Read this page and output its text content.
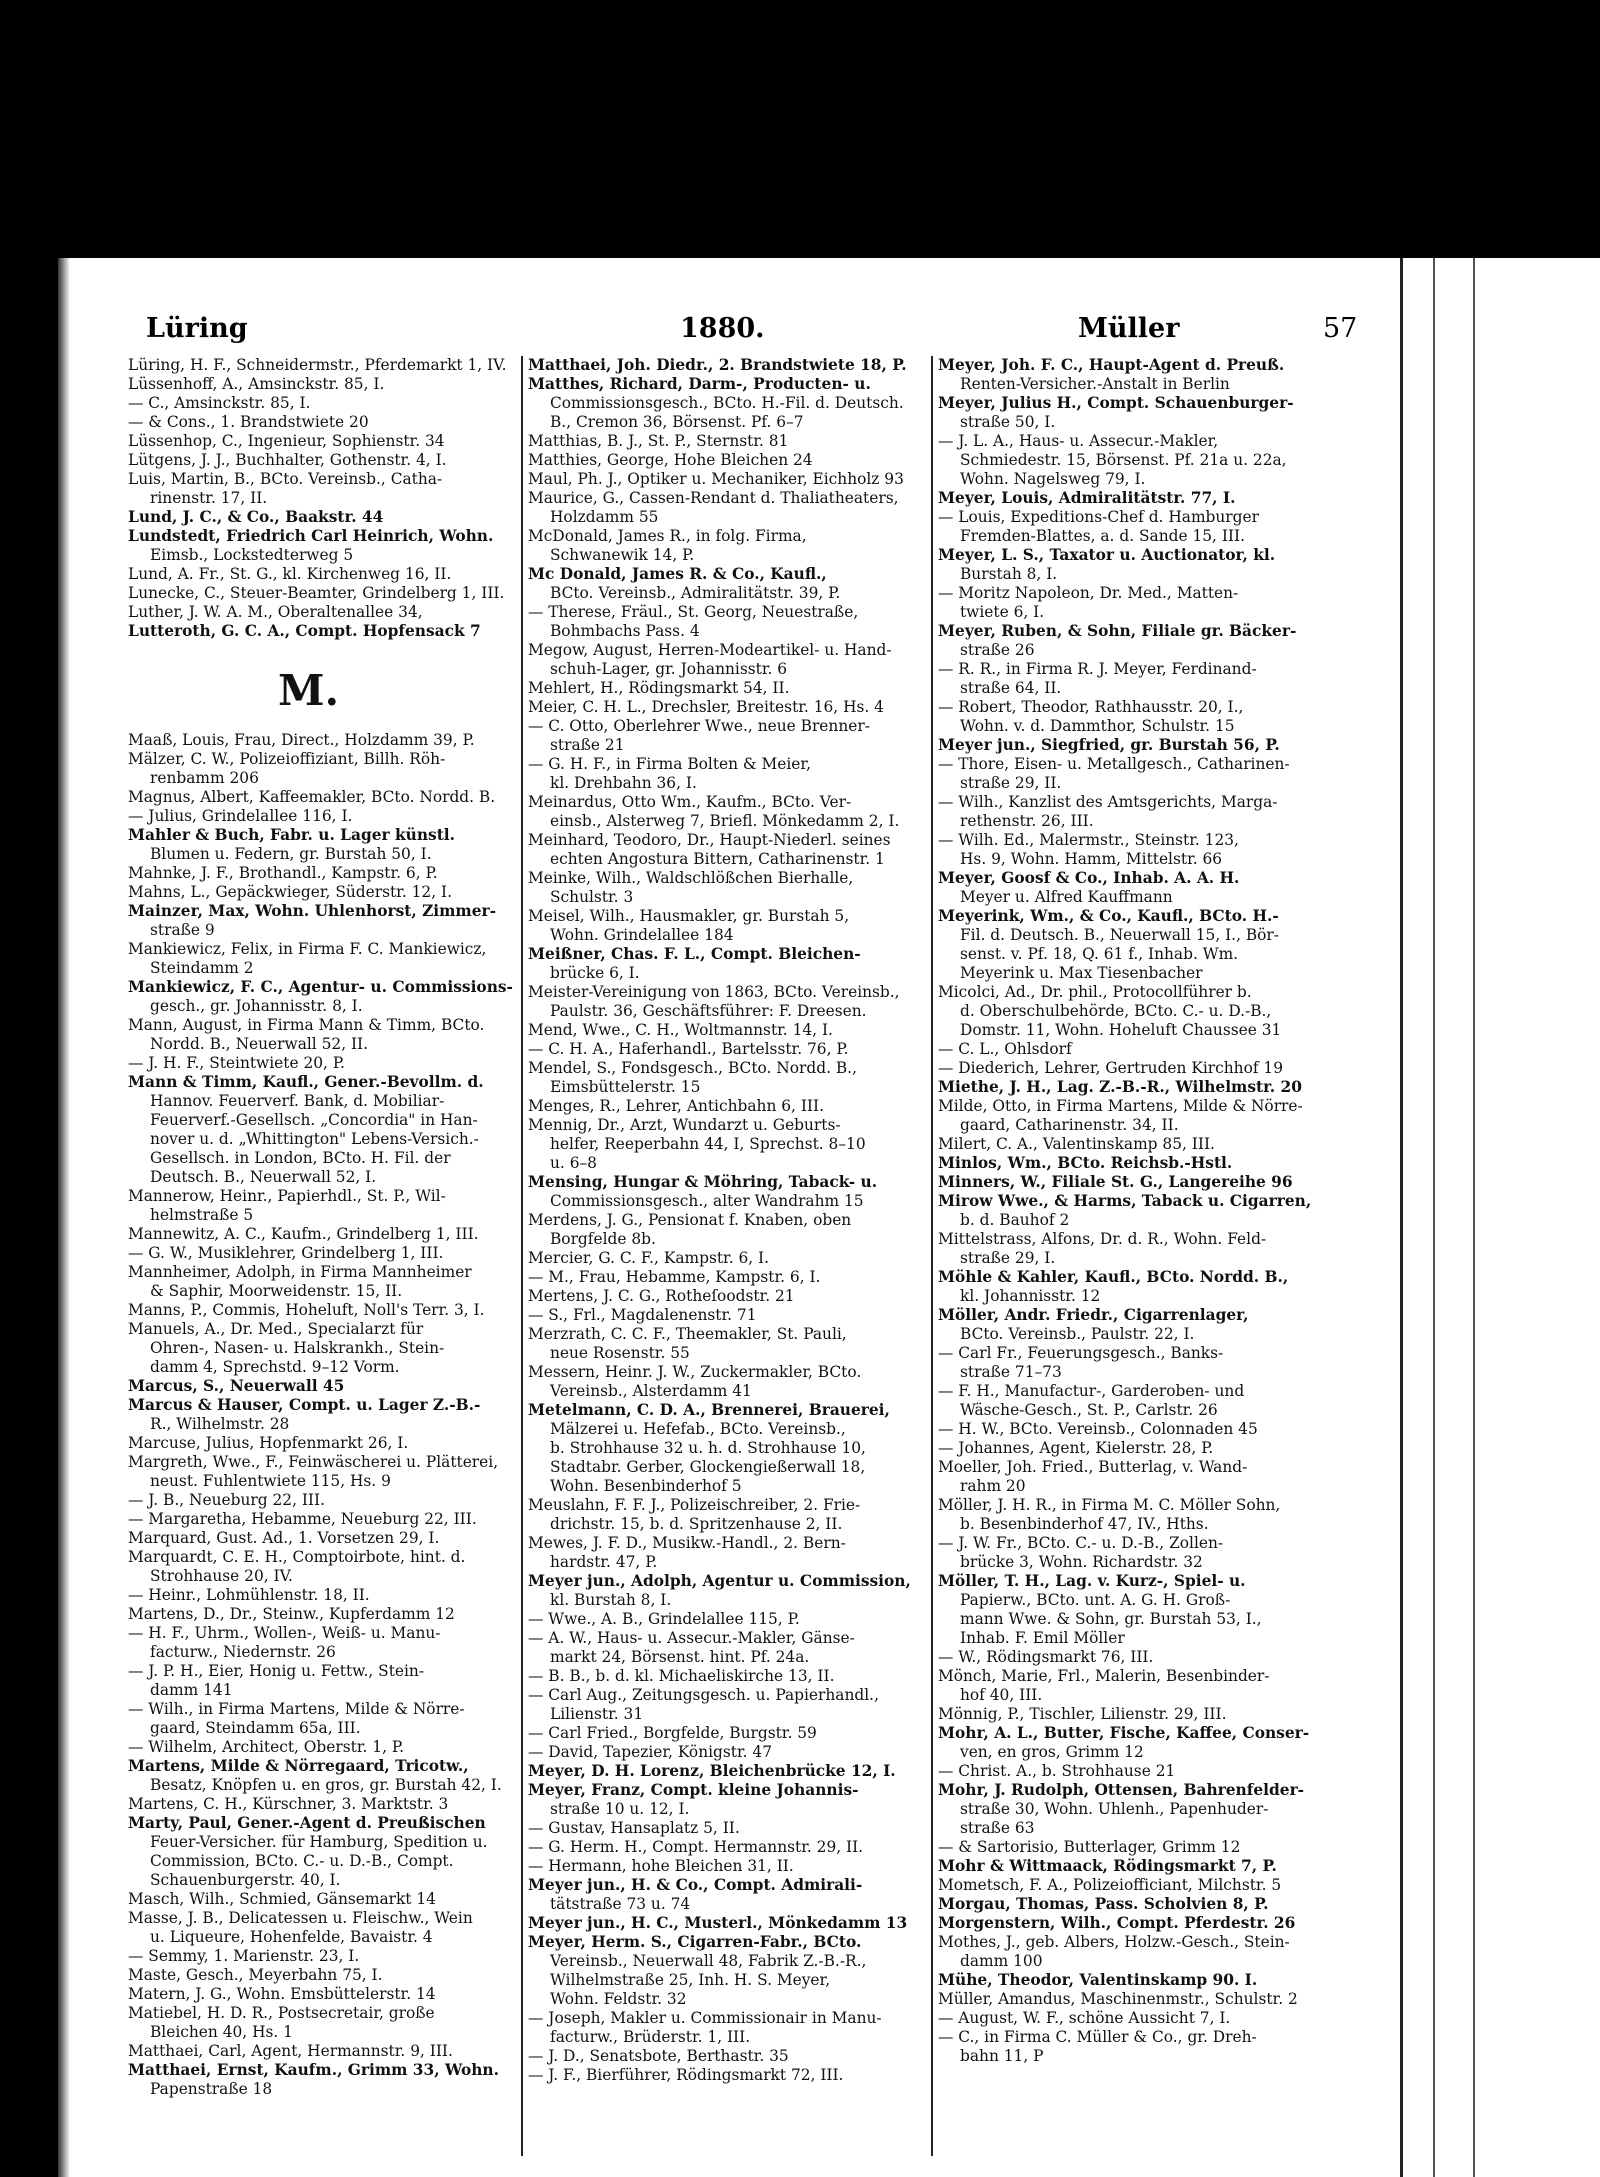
Lüring	1880.	Müller	57
Lüring, H. F., Schneidermstr., Pferdemarkt 1, IV.
Lüssenhoff, A., Amsinckstr. 85, I.
— C., Amsinckstr. 85, I.
— & Cons., 1. Brandstwiete 20
Lüssenhop, C., Ingenieur, Sophienstr. 34
Lütgens, J. J., Buchhalter, Gothenstr. 4, I.
Luis, Martin, B., BCto. Vereinsb., Catha-
rinenstr. 17, II.
Lund, J. C., & Co., Baakstr. 44
Lundstedt, Friedrich Carl Heinrich, Wohn.
Eimsb., Lockstedterweg 5
Lund, A. Fr., St. G., kl. Kirchenweg 16, II.
Lunecke, C., Steuer-Beamter, Grindelberg 1, III.
Luther, J. W. A. M., Oberaltenallee 34,
Lutteroth, G. C. A., Compt. Hopfensack 7
M.
Maaß, Louis, Frau, Direct., Holzdamm 39, P.
Mälzer, C. W., Polizeioffiziant, Billh. Röh-
renbamm 206
Magnus, Albert, Kaffeemakler, BCto. Nordd. B.
— Julius, Grindelallee 116, I.
Mahler & Buch, Fabr. u. Lager künstl.
Blumen u. Federn, gr. Burstah 50, I.
Mahnke, J. F., Brothandl., Kampstr. 6, P.
Mahns, L., Gepäckwieger, Süderstr. 12, I.
Mainzer, Max, Wohn. Uhlenhorst, Zimmer-
straße 9
Mankiewicz, Felix, in Firma F. C. Mankiewicz,
Steindamm 2
Mankiewicz, F. C., Agentur- u. Commissions-
gesch., gr. Johannisstr. 8, I.
Mann, August, in Firma Mann & Timm, BCto.
Nordd. B., Neuerwall 52, II.
— J. H. F., Steintwiete 20, P.
Mann & Timm, Kaufl., Gener.-Bevollm. d.
Hannov. Feuerverf. Bank, d. Mobiliar-
Feuerverf.-Gesellsch. „Concordia" in Han-
nover u. d. „Whittington" Lebens-Versich.-
Gesellsch. in London, BCto. H. Fil. der
Deutsch. B., Neuerwall 52, I.
Mannerow, Heinr., Papierhdl., St. P., Wil-
helmstraße 5
Mannewitz, A. C., Kaufm., Grindelberg 1, III.
— G. W., Musiklehrer, Grindelberg 1, III.
Mannheimer, Adolph, in Firma Mannheimer
& Saphir, Moorweidenstr. 15, II.
Manns, P., Commis, Hoheluft, Noll's Terr. 3, I.
Manuels, A., Dr. Med., Specialarzt für
Ohren-, Nasen- u. Halskrankh., Stein-
damm 4, Sprechstd. 9–12 Vorm.
Marcus, S., Neuerwall 45
Marcus & Hauser, Compt. u. Lager Z.-B.-
R., Wilhelmstr. 28
Marcuse, Julius, Hopfenmarkt 26, I.
Margreth, Wwe., F., Feinwäscherei u. Plätterei,
neust. Fuhlentwiete 115, Hs. 9
— J. B., Neueburg 22, III.
— Margaretha, Hebamme, Neueburg 22, III.
Marquard, Gust. Ad., 1. Vorsetzen 29, I.
Marquardt, C. E. H., Comptoirbote, hint. d.
Strohhause 20, IV.
— Heinr., Lohmühlenstr. 18, II.
Martens, D., Dr., Steinw., Kupferdamm 12
— H. F., Uhrm., Wollen-, Weiß- u. Manu-
facturw., Niedernstr. 26
— J. P. H., Eier, Honig u. Fettw., Stein-
damm 141
— Wilh., in Firma Martens, Milde & Nörre-
gaard, Steindamm 65a, III.
— Wilhelm, Architect, Oberstr. 1, P.
Martens, Milde & Nörregaard, Tricotw.,
Besatz, Knöpfen u. en gros, gr. Burstah 42, I.
Martens, C. H., Kürschner, 3. Marktstr. 3
Marty, Paul, Gener.-Agent d. Preußischen
Feuer-Versicher. für Hamburg, Spedition u.
Commission, BCto. C.- u. D.-B., Compt.
Schauenburgerstr. 40, I.
Masch, Wilh., Schmied, Gänsemarkt 14
Masse, J. B., Delicatessen u. Fleischw., Wein
u. Liqueure, Hohenfelde, Bavaistr. 4
— Semmy, 1. Marienstr. 23, I.
Maste, Gesch., Meyerbahn 75, I.
Matern, J. G., Wohn. Emsbüttelerstr. 14
Matiebel, H. D. R., Postsecretair, große
Bleichen 40, Hs. 1
Matthaei, Carl, Agent, Hermannstr. 9, III.
Matthaei, Ernst, Kaufm., Grimm 33, Wohn.
Papenstraße 18
Matthaei, Joh. Diedr., 2. Brandstwiete 18, P.
Matthes, Richard, Darm-, Producten- u.
Commissionsgesch., BCto. H.-Fil. d. Deutsch.
B., Cremon 36, Börsenst. Pf. 6–7
Matthias, B. J., St. P., Sternstr. 81
Matthies, George, Hohe Bleichen 24
Maul, Ph. J., Optiker u. Mechaniker, Eichholz 93
Maurice, G., Cassen-Rendant d. Thaliatheaters,
Holzdamm 55
McDonald, James R., in folg. Firma,
Schwanewik 14, P.
Mc Donald, James R. & Co., Kaufl.,
BCto. Vereinsb., Admiralitätstr. 39, P.
— Therese, Fräul., St. Georg, Neuestraße,
Bohmbachs Pass. 4
Megow, August, Herren-Modeartikel- u. Hand-
schuh-Lager, gr. Johannisstr. 6
Mehlert, H., Rödingsmarkt 54, II.
Meier, C. H. L., Drechsler, Breitestr. 16, Hs. 4
— C. Otto, Oberlehrer Wwe., neue Brenner-
straße 21
— G. H. F., in Firma Bolten & Meier,
kl. Drehbahn 36, I.
Meinardus, Otto Wm., Kaufm., BCto. Ver-
einsb., Alsterweg 7, Briefl. Mönkedamm 2, I.
Meinhard, Teodoro, Dr., Haupt-Niederl. seines
echten Angostura Bittern, Catharinenstr. 1
Meinke, Wilh., Waldschlößchen Bierhalle,
Schulstr. 3
Meisel, Wilh., Hausmakler, gr. Burstah 5,
Wohn. Grindelallee 184
Meißner, Chas. F. L., Compt. Bleichen-
brücke 6, I.
Meister-Vereinigung von 1863, BCto. Vereinsb.,
Paulstr. 36, Geschäftsführer: F. Dreesen.
Mend, Wwe., C. H., Woltmannstr. 14, I.
— C. H. A., Haferhandl., Bartelsstr. 76, P.
Mendel, S., Fondsgesch., BCto. Nordd. B.,
Eimsbüttelerstr. 15
Menges, R., Lehrer, Antichbahn 6, III.
Mennig, Dr., Arzt, Wundarzt u. Geburts-
helfer, Reeperbahn 44, I, Sprechst. 8–10
u. 6–8
Mensing, Hungar & Möhring, Taback- u.
Commissionsgesch., alter Wandrahm 15
Merdens, J. G., Pensionat f. Knaben, oben
Borgfelde 8b.
Mercier, G. C. F., Kampstr. 6, I.
— M., Frau, Hebamme, Kampstr. 6, I.
Mertens, J. C. G., Rotheſoodstr. 21
— S., Frl., Magdalenenstr. 71
Merzrath, C. C. F., Theemakler, St. Pauli,
neue Rosenstr. 55
Messern, Heinr. J. W., Zuckermakler, BCto.
Vereinsb., Alsterdamm 41
Metelmann, C. D. A., Brennerei, Brauerei,
Mälzerei u. Hefefab., BCto. Vereinsb.,
b. Strohhause 32 u. h. d. Strohhause 10,
Stadtabr. Gerber, Glockengießerwall 18,
Wohn. Besenbinderhof 5
Meuslahn, F. F. J., Polizeischreiber, 2. Frie-
drichstr. 15, b. d. Spritzenhause 2, II.
Mewes, J. F. D., Musikw.-Handl., 2. Bern-
hardstr. 47, P.
Meyer jun., Adolph, Agentur u. Commission,
kl. Burstah 8, I.
— Wwe., A. B., Grindelallee 115, P.
— A. W., Haus- u. Assecur.-Makler, Gänse-
markt 24, Börsenst. hint. Pf. 24a.
— B. B., b. d. kl. Michaeliskirche 13, II.
— Carl Aug., Zeitungsgesch. u. Papierhandl.,
Lilienstr. 31
— Carl Fried., Borgfelde, Burgstr. 59
— David, Tapezier, Königstr. 47
Meyer, D. H. Lorenz, Bleichenbrücke 12, I.
Meyer, Franz, Compt. kleine Johannis-
straße 10 u. 12, I.
— Gustav, Hansaplatz 5, II.
— G. Herm. H., Compt. Hermannstr. 29, II.
— Hermann, hohe Bleichen 31, II.
Meyer jun., H. & Co., Compt. Admirali-
tätstraße 73 u. 74
Meyer jun., H. C., Musterl., Mönkedamm 13
Meyer, Herm. S., Cigarren-Fabr., BCto.
Vereinsb., Neuerwall 48, Fabrik Z.-B.-R.,
Wilhelmstraße 25, Inh. H. S. Meyer,
Wohn. Feldstr. 32
— Joseph, Makler u. Commissionair in Manu-
facturw., Brüderstr. 1, III.
— J. D., Senatsbote, Berthastr. 35
— J. F., Bierführer, Rödingsmarkt 72, III.
Meyer, Joh. F. C., Haupt-Agent d. Preuß.
Renten-Versicher.-Anstalt in Berlin
Meyer, Julius H., Compt. Schauenburger-
straße 50, I.
— J. L. A., Haus- u. Assecur.-Makler,
Schmiedestr. 15, Börsenst. Pf. 21a u. 22a,
Wohn. Nagelsweg 79, I.
Meyer, Louis, Admiralitätstr. 77, I.
— Louis, Expeditions-Chef d. Hamburger
Fremden-Blattes, a. d. Sande 15, III.
Meyer, L. S., Taxator u. Auctionator, kl.
Burstah 8, I.
— Moritz Napoleon, Dr. Med., Matten-
twiete 6, I.
Meyer, Ruben, & Sohn, Filiale gr. Bäcker-
straße 26
— R. R., in Firma R. J. Meyer, Ferdinand-
straße 64, II.
— Robert, Theodor, Rathhausstr. 20, I.,
Wohn. v. d. Dammthor, Schulstr. 15
Meyer jun., Siegfried, gr. Burstah 56, P.
— Thore, Eisen- u. Metallgesch., Catharinen-
straße 29, II.
— Wilh., Kanzlist des Amtsgerichts, Marga-
rethenstr. 26, III.
— Wilh. Ed., Malermstr., Steinstr. 123,
Hs. 9, Wohn. Hamm, Mittelstr. 66
Meyer, Goosf & Co., Inhab. A. A. H.
Meyer u. Alfred Kauffmann
Meyerink, Wm., & Co., Kaufl., BCto. H.-
Fil. d. Deutsch. B., Neuerwall 15, I., Bör-
senst. v. Pf. 18, Q. 61 f., Inhab. Wm.
Meyerink u. Max Tiesenbacher
Micolci, Ad., Dr. phil., Protocollführer b.
d. Oberschulbehörde, BCto. C.- u. D.-B.,
Domstr. 11, Wohn. Hoheluft Chaussee 31
— C. L., Ohlsdorf
— Diederich, Lehrer, Gertruden Kirchhof 19
Miethe, J. H., Lag. Z.-B.-R., Wilhelmstr. 20
Milde, Otto, in Firma Martens, Milde & Nörre-
gaard, Catharinenstr. 34, II.
Milert, C. A., Valentinskamp 85, III.
Minlos, Wm., BCto. Reichsb.-Hstl.
Minners, W., Filiale St. G., Langereihe 96
Mirow Wwe., & Harms, Taback u. Cigarren,
b. d. Bauhof 2
Mittelstrass, Alfons, Dr. d. R., Wohn. Feld-
straße 29, I.
Möhle & Kahler, Kaufl., BCto. Nordd. B.,
kl. Johannisstr. 12
Möller, Andr. Friedr., Cigarrenlager,
BCto. Vereinsb., Paulstr. 22, I.
— Carl Fr., Feuerungsgesch., Banks-
straße 71–73
— F. H., Manufactur-, Garderoben- und
Wäsche-Gesch., St. P., Carlstr. 26
— H. W., BCto. Vereinsb., Colonnaden 45
— Johannes, Agent, Kielerstr. 28, P.
Moeller, Joh. Fried., Butterlag, v. Wand-
rahm 20
Möller, J. H. R., in Firma M. C. Möller Sohn,
b. Besenbinderhof 47, IV., Hths.
— J. W. Fr., BCto. C.- u. D.-B., Zollen-
brücke 3, Wohn. Richardstr. 32
Möller, T. H., Lag. v. Kurz-, Spiel- u.
Papierw., BCto. unt. A. G. H. Groß-
mann Wwe. & Sohn, gr. Burstah 53, I.,
Inhab. F. Emil Möller
— W., Rödingsmarkt 76, III.
Mönch, Marie, Frl., Malerin, Besenbinder-
hof 40, III.
Mönnig, P., Tischler, Lilienstr. 29, III.
Mohr, A. L., Butter, Fische, Kaffee, Conser-
ven, en gros, Grimm 12
— Christ. A., b. Strohhause 21
Mohr, J. Rudolph, Ottensen, Bahrenfelder-
straße 30, Wohn. Uhlenh., Papenhuder-
straße 63
— & Sartorisio, Butterlager, Grimm 12
Mohr & Wittmaack, Rödingsmarkt 7, P.
Mometsch, F. A., Polizeiofficiant, Milchstr. 5
Morgau, Thomas, Pass. Scholvien 8, P.
Morgenstern, Wilh., Compt. Pferdestr. 26
Mothes, J., geb. Albers, Holzw.-Gesch., Stein-
damm 100
Mühe, Theodor, Valentinskamp 90. I.
Müller, Amandus, Maschinenmstr., Schulstr. 2
— August, W. F., schöne Aussicht 7, I.
— C., in Firma C. Müller & Co., gr. Dreh-
bahn 11, P
